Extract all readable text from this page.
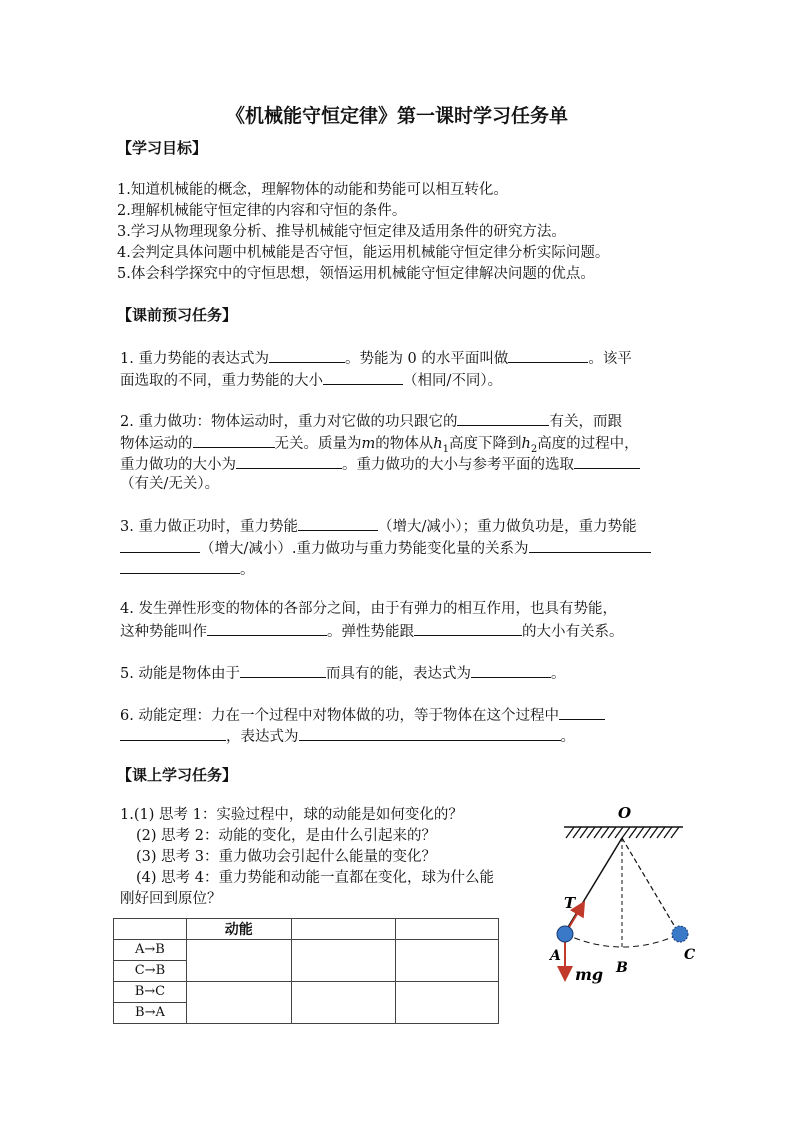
《机械能守恒定律》第一课时学习任务单
【学习目标】
1.知道机械能的概念，理解物体的动能和势能可以相互转化。
2.理解机械能守恒定律的内容和守恒的条件。
3.学习从物理现象分析、推导机械能守恒定律及适用条件的研究方法。
4.会判定具体问题中机械能是否守恒，能运用机械能守恒定律分析实际问题。
5.体会科学探究中的守恒思想，领悟运用机械能守恒定律解决问题的优点。
【课前预习任务】
1. 重力势能的表达式为	。势能为 0 的水平面叫做	。该平
面选取的不同，重力势能的大小	（相同/不同）。
2. 重力做功：物体运动时，重力对它做的功只跟它的	有关，而跟
物体运动的	无关。质量为m的物体从$h_1$高度下降到$h_2$高度的过程中，
重力做功的大小为	。重力做功的大小与参考平面的选取
（有关/无关）。
3. 重力做正功时，重力势能	（增大/减小）；重力做负功是，重力势能
（增大/减小）.重力做功与重力势能变化量的关系为
。
4. 发生弹性形变的物体的各部分之间，由于有弹力的相互作用，也具有势能，
这种势能叫作	。弹性势能跟	的大小有关系。
5. 动能是物体由于	而具有的能，表达式为	。
6. 动能定理：力在一个过程中对物体做的功，等于物体在这个过程中
，表达式为	。
【课上学习任务】
1.(1) 思考 1：实验过程中，球的动能是如何变化的？
(2) 思考 2：动能的变化，是由什么引起来的？
(3) 思考 3：重力做功会引起什么能量的变化？
(4) 思考 4：重力势能和动能一直都在变化，球为什么能
刚好回到原位？
	动能		
A→B			
C→B			
B→C			
B→A			
O
T
A
B
C
mg
